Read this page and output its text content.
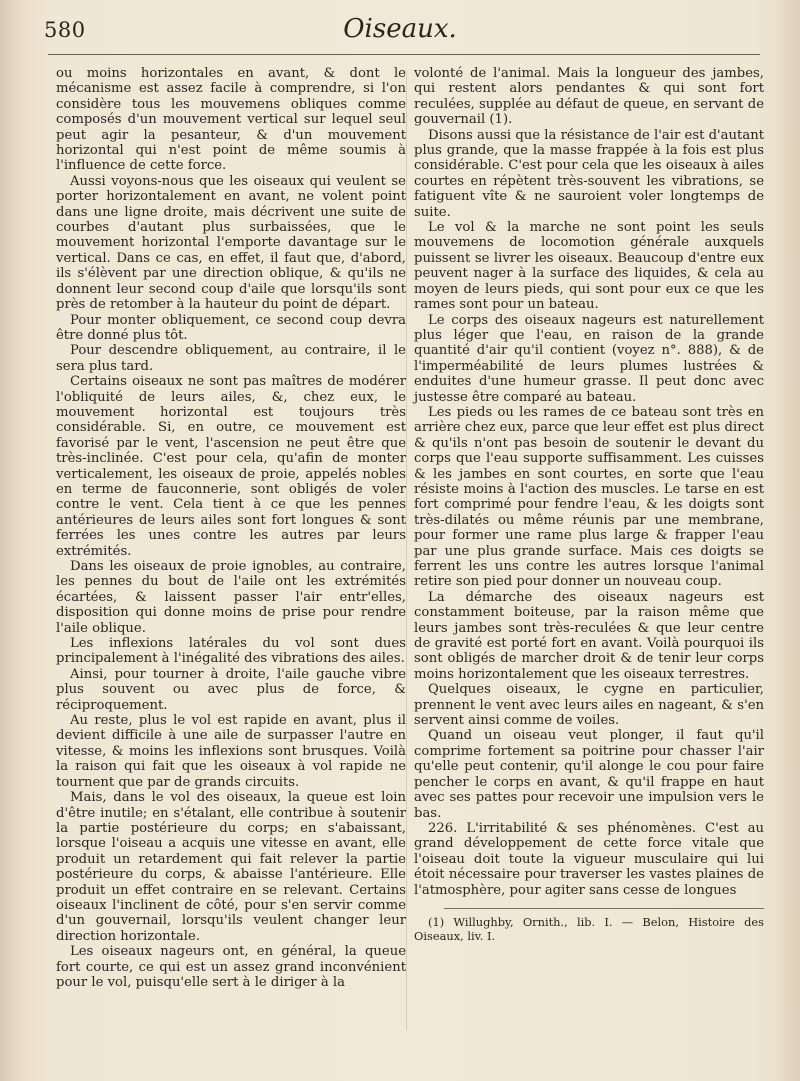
580	Oiseaux.

ou moins horizontales en avant, & dont le mécanisme est assez facile à comprendre, si l'on considère tous les mouvemens obliques comme composés d'un mouvement vertical sur lequel seul peut agir la pesanteur, & d'un mouvement horizontal qui n'est point de même soumis à l'influence de cette force.

Aussi voyons-nous que les oiseaux qui veulent se porter horizontalement en avant, ne volent point dans une ligne droite, mais décrivent une suite de courbes d'autant plus surbaissées, que le mouvement horizontal l'emporte davantage sur le vertical. Dans ce cas, en effet, il faut que, d'abord, ils s'élèvent par une direction oblique, & qu'ils ne donnent leur second coup d'aile que lorsqu'ils sont près de retomber à la hauteur du point de départ.

Pour monter obliquement, ce second coup devra être donné plus tôt.

Pour descendre obliquement, au contraire, il le sera plus tard.

Certains oiseaux ne sont pas maîtres de modérer l'obliquité de leurs ailes, &, chez eux, le mouvement horizontal est toujours très considérable. Si, en outre, ce mouvement est favorisé par le vent, l'ascension ne peut être que très-inclinée. C'est pour cela, qu'afin de monter verticalement, les oiseaux de proie, appelés nobles en terme de fauconnerie, sont obligés de voler contre le vent. Cela tient à ce que les pennes antérieures de leurs ailes sont fort longues & sont ferrées les unes contre les autres par leurs extrémités.

Dans les oiseaux de proie ignobles, au contraire, les pennes du bout de l'aile ont les extrémités écartées, & laissent passer l'air entr'elles, disposition qui donne moins de prise pour rendre l'aile oblique.

Les inflexions latérales du vol sont dues principalement à l'inégalité des vibrations des ailes.

Ainsi, pour tourner à droite, l'aile gauche vibre plus souvent ou avec plus de force, & réciproquement.

Au reste, plus le vol est rapide en avant, plus il devient difficile à une aile de surpasser l'autre en vitesse, & moins les inflexions sont brusques. Voilà la raison qui fait que les oiseaux à vol rapide ne tournent que par de grands circuits.

Mais, dans le vol des oiseaux, la queue est loin d'être inutile; en s'étalant, elle contribue à soutenir la partie postérieure du corps; en s'abaissant, lorsque l'oiseau a acquis une vitesse en avant, elle produit un retardement qui fait relever la partie postérieure du corps, & abaisse l'antérieure. Elle produit un effet contraire en se relevant. Certains oiseaux l'inclinent de côté, pour s'en servir comme d'un gouvernail, lorsqu'ils veulent changer leur direction horizontale.

Les oiseaux nageurs ont, en général, la queue fort courte, ce qui est un assez grand inconvénient pour le vol, puisqu'elle sert à le diriger à la

volonté de l'animal. Mais la longueur des jambes, qui restent alors pendantes & qui sont fort reculées, supplée au défaut de queue, en servant de gouvernail (1).

Disons aussi que la résistance de l'air est d'autant plus grande, que la masse frappée à la fois est plus considérable. C'est pour cela que les oiseaux à ailes courtes en répètent très-souvent les vibrations, se fatiguent vîte & ne sauroient voler longtemps de suite.

Le vol & la marche ne sont point les seuls mouvemens de locomotion générale auxquels puissent se livrer les oiseaux. Beaucoup d'entre eux peuvent nager à la surface des liquides, & cela au moyen de leurs pieds, qui sont pour eux ce que les rames sont pour un bateau.

Le corps des oiseaux nageurs est naturellement plus léger que l'eau, en raison de la grande quantité d'air qu'il contient (voyez n°. 888), & de l'imperméabilité de leurs plumes lustrées & enduites d'une humeur grasse. Il peut donc avec justesse être comparé au bateau.

Les pieds ou les rames de ce bateau sont très en arrière chez eux, parce que leur effet est plus direct & qu'ils n'ont pas besoin de soutenir le devant du corps que l'eau supporte suffisamment. Les cuisses & les jambes en sont courtes, en sorte que l'eau résiste moins à l'action des muscles. Le tarse en est fort comprimé pour fendre l'eau, & les doigts sont très-dilatés ou même réunis par une membrane, pour former une rame plus large & frapper l'eau par une plus grande surface. Mais ces doigts se ferrent les uns contre les autres lorsque l'animal retire son pied pour donner un nouveau coup.

La démarche des oiseaux nageurs est constamment boiteuse, par la raison même que leurs jambes sont très-reculées & que leur centre de gravité est porté fort en avant. Voilà pourquoi ils sont obligés de marcher droit & de tenir leur corps moins horizontalement que les oiseaux terrestres.

Quelques oiseaux, le cygne en particulier, prennent le vent avec leurs ailes en nageant, & s'en servent ainsi comme de voiles.

Quand un oiseau veut plonger, il faut qu'il comprime fortement sa poitrine pour chasser l'air qu'elle peut contenir, qu'il alonge le cou pour faire pencher le corps en avant, & qu'il frappe en haut avec ses pattes pour recevoir une impulsion vers le bas.

226. L'irritabilité & ses phénomènes. C'est au grand développement de cette force vitale que l'oiseau doit toute la vigueur musculaire qui lui étoit nécessaire pour traverser les vastes plaines de l'atmosphère, pour agiter sans cesse de longues

(1) Willughby, Ornith., lib. I. — Belon, Histoire des Oiseaux, liv. I.
